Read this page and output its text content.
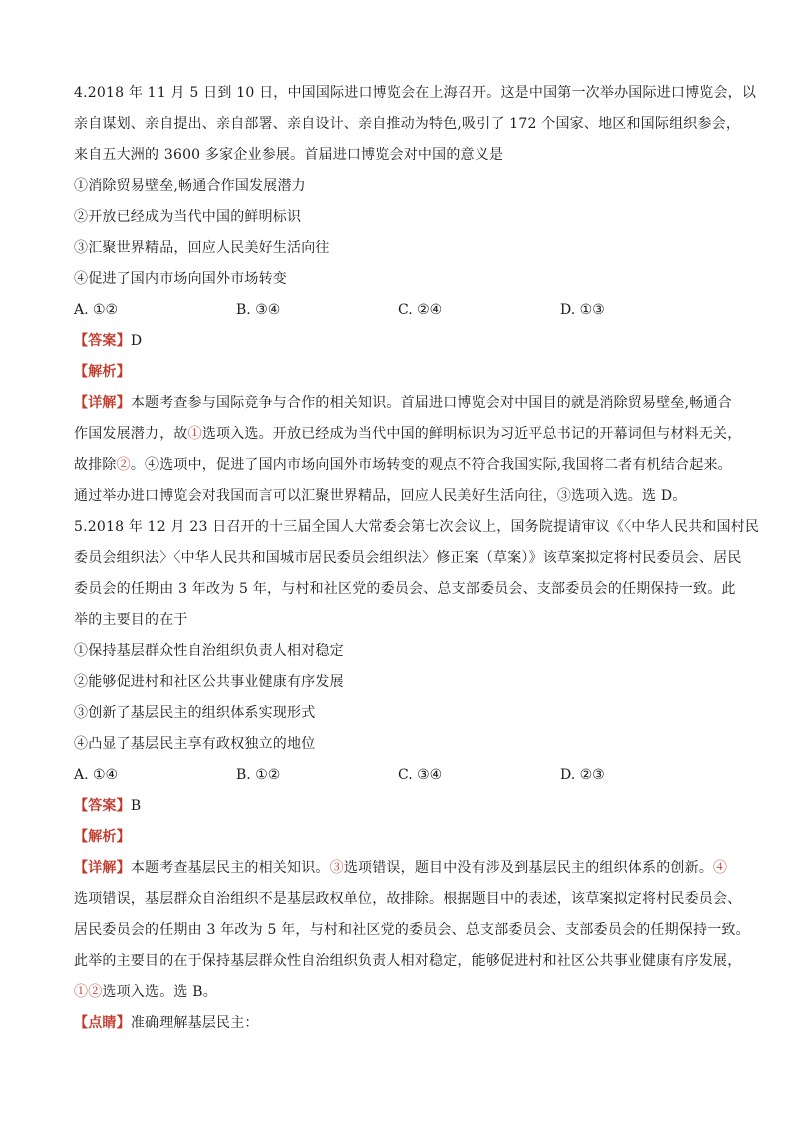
4.2018 年 11 月 5 日到 10 日，中国国际进口博览会在上海召开。这是中国第一次举办国际进口博览会，以
亲自谋划、亲自提出、亲自部署、亲自设计、亲自推动为特色,吸引了 172 个国家、地区和国际组织参会，
来自五大洲的 3600 多家企业参展。首届进口博览会对中国的意义是
①消除贸易壁垒,畅通合作国发展潜力
②开放已经成为当代中国的鲜明标识
③汇聚世界精品，回应人民美好生活向往
④促进了国内市场向国外市场转变
A. ①②	B. ③④	C. ②④	D. ①③
【答案】D
【解析】
【详解】本题考查参与国际竞争与合作的相关知识。首届进口博览会对中国目的就是消除贸易壁垒,畅通合
作国发展潜力，故①选项入选。开放已经成为当代中国的鲜明标识为习近平总书记的开幕词但与材料无关，
故排除②。④选项中，促进了国内市场向国外市场转变的观点不符合我国实际,我国将二者有机结合起来。
通过举办进口博览会对我国而言可以汇聚世界精品，回应人民美好生活向往，③选项入选。选 D。
5.2018 年 12 月 23 日召开的十三届全国人大常委会第七次会议上，国务院提请审议《〈中华人民共和国村民
委员会组织法〉〈中华人民共和国城市居民委员会组织法〉修正案（草案）》该草案拟定将村民委员会、居民
委员会的任期由 3 年改为 5 年，与村和社区党的委员会、总支部委员会、支部委员会的任期保持一致。此
举的主要目的在于
①保持基层群众性自治组织负责人相对稳定
②能够促进村和社区公共事业健康有序发展
③创新了基层民主的组织体系实现形式
④凸显了基层民主享有政权独立的地位
A. ①④	B. ①②	C. ③④	D. ②③
【答案】B
【解析】
【详解】本题考查基层民主的相关知识。③选项错误，题目中没有涉及到基层民主的组织体系的创新。④
选项错误，基层群众自治组织不是基层政权单位，故排除。根据题目中的表述，该草案拟定将村民委员会、
居民委员会的任期由 3 年改为 5 年，与村和社区党的委员会、总支部委员会、支部委员会的任期保持一致。
此举的主要目的在于保持基层群众性自治组织负责人相对稳定，能够促进村和社区公共事业健康有序发展，
①②选项入选。选 B。
【点睛】准确理解基层民主：
